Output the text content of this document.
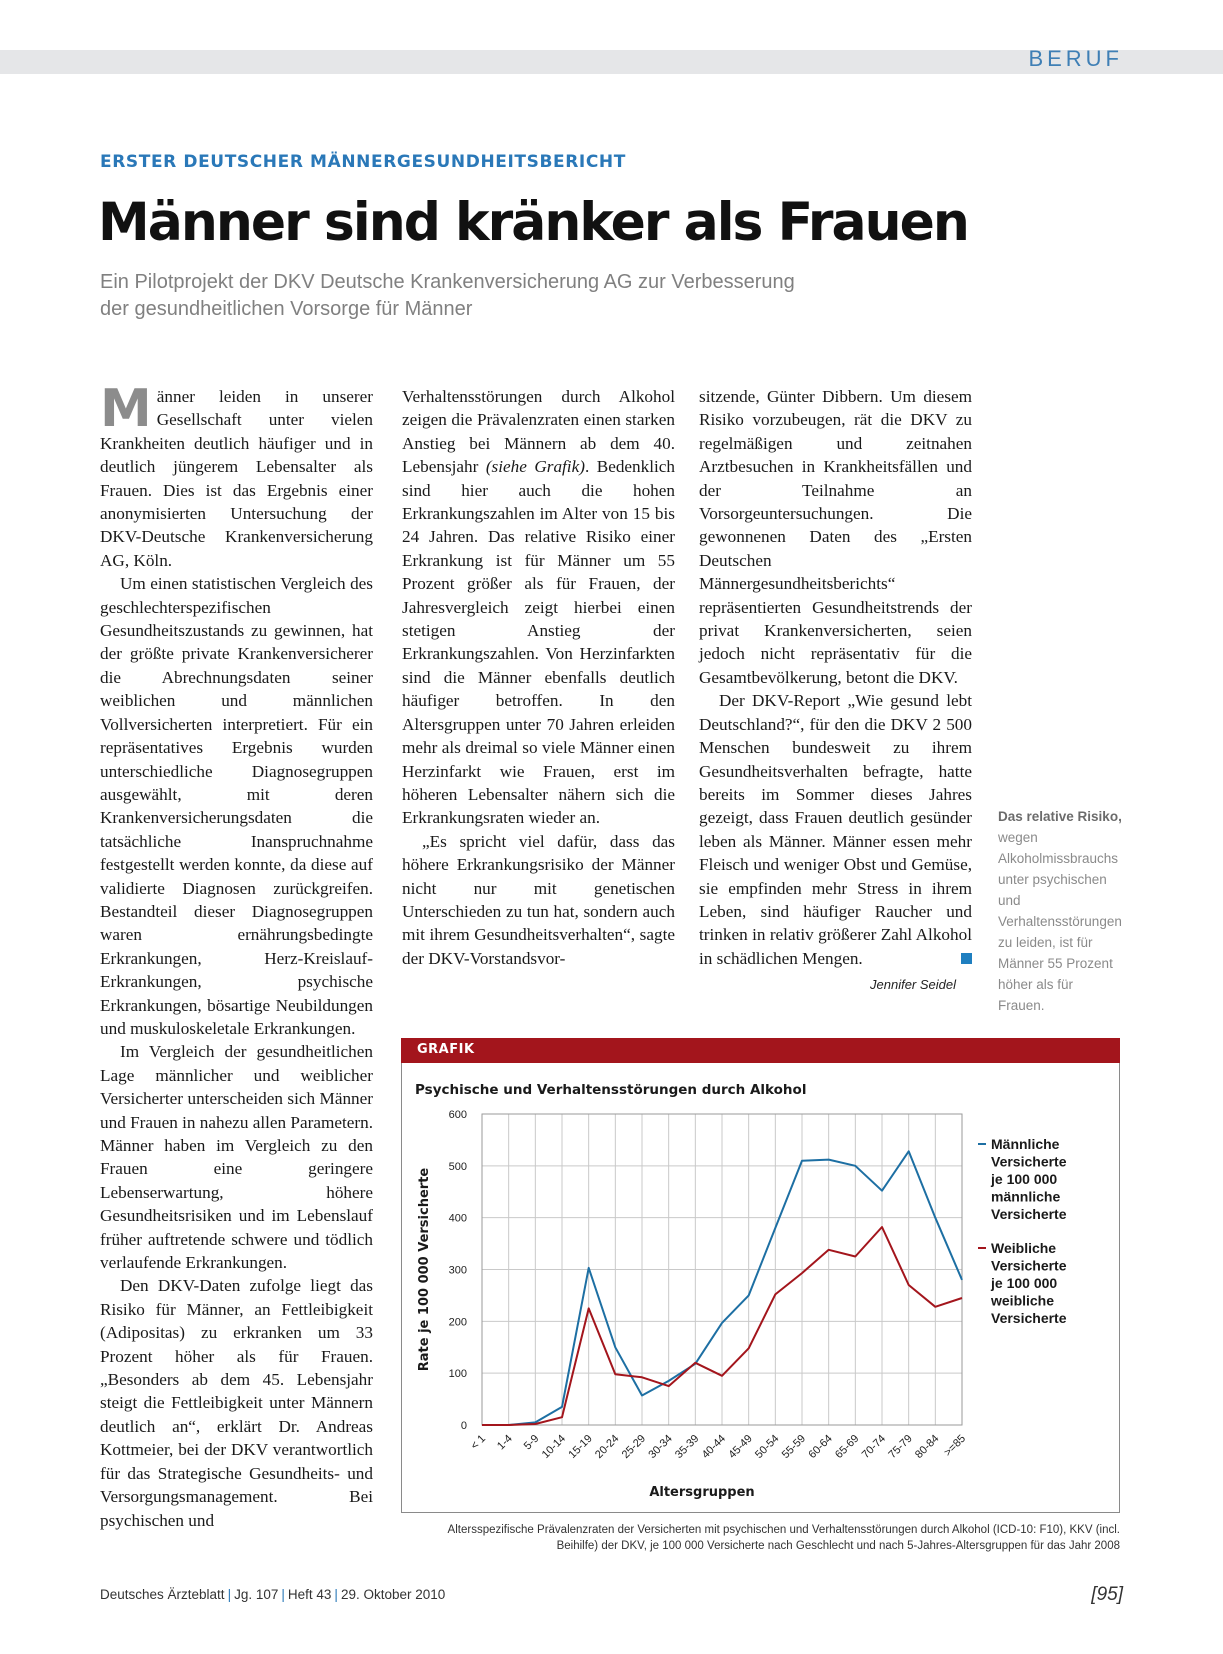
BERUF
ERSTER DEUTSCHER MÄNNERGESUNDHEITSBERICHT
Männer sind kränker als Frauen
Ein Pilotprojekt der DKV Deutsche Krankenversicherung AG zur Verbesserung
der gesundheitlichen Vorsorge für Männer

Männer leiden in unserer Gesellschaft unter vielen Krankheiten deutlich häufiger und in deutlich jüngerem Lebensalter als Frauen. Dies ist das Ergebnis einer anonymisierten Untersuchung der DKV-Deutsche Krankenversicherung AG, Köln.

Um einen statistischen Vergleich des geschlechterspezifischen Gesundheitszustands zu gewinnen, hat der größte private Krankenversicherer die Abrechnungsdaten seiner weiblichen und männlichen Vollversicherten interpretiert. Für ein repräsentatives Ergebnis wurden unterschiedliche Diagnosegruppen ausgewählt, mit deren Krankenversicherungsdaten die tatsächliche Inanspruchnahme festgestellt werden konnte, da diese auf validierte Diagnosen zurückgreifen. Bestandteil dieser Diagnosegruppen waren ernährungsbedingte Erkrankungen, Herz-Kreislauf-Erkrankungen, psychische Erkrankungen, bösartige Neubildungen und muskuloskeletale Erkrankungen.

Im Vergleich der gesundheitlichen Lage männlicher und weiblicher Versicherter unterscheiden sich Männer und Frauen in nahezu allen Parametern. Männer haben im Vergleich zu den Frauen eine geringere Lebenserwartung, höhere Gesundheitsrisiken und im Lebenslauf früher auftretende schwere und tödlich verlaufende Erkrankungen.

Den DKV-Daten zufolge liegt das Risiko für Männer, an Fettleibigkeit (Adipositas) zu erkranken um 33 Prozent höher als für Frauen. „Besonders ab dem 45. Lebensjahr steigt die Fettleibigkeit unter Männern deutlich an“, erklärt Dr. Andreas Kottmeier, bei der DKV verantwortlich für das Strategische Gesundheits- und Versorgungsmanagement. Bei psychischen und

Verhaltensstörungen durch Alkohol zeigen die Prävalenzraten einen starken Anstieg bei Männern ab dem 40. Lebensjahr (siehe Grafik). Bedenklich sind hier auch die hohen Erkrankungszahlen im Alter von 15 bis 24 Jahren. Das relative Risiko einer Erkrankung ist für Männer um 55 Prozent größer als für Frauen, der Jahresvergleich zeigt hierbei einen stetigen Anstieg der Erkrankungszahlen. Von Herzinfarkten sind die Männer ebenfalls deutlich häufiger betroffen. In den Altersgruppen unter 70 Jahren erleiden mehr als dreimal so viele Männer einen Herzinfarkt wie Frauen, erst im höheren Lebensalter nähern sich die Erkrankungsraten wieder an.

„Es spricht viel dafür, dass das höhere Erkrankungsrisiko der Männer nicht nur mit genetischen Unterschieden zu tun hat, sondern auch mit ihrem Gesundheitsverhalten“, sagte der DKV-Vorstandsvor-

sitzende, Günter Dibbern. Um diesem Risiko vorzubeugen, rät die DKV zu regelmäßigen und zeitnahen Arztbesuchen in Krankheitsfällen und der Teilnahme an Vorsorgeuntersuchungen. Die gewonnenen Daten des „Ersten Deutschen Männergesundheitsberichts“ repräsentierten Gesundheitstrends der privat Krankenversicherten, seien jedoch nicht repräsentativ für die Gesamtbevölkerung, betont die DKV.

Der DKV-Report „Wie gesund lebt Deutschland?“, für den die DKV 2 500 Menschen bundesweit zu ihrem Gesundheitsverhalten befragte, hatte bereits im Sommer dieses Jahres gezeigt, dass Frauen deutlich gesünder leben als Männer. Männer essen mehr Fleisch und weniger Obst und Gemüse, sie empfinden mehr Stress in ihrem Leben, sind häufiger Raucher und trinken in relativ größerer Zahl Alkohol in schädlichen Mengen.

Jennifer Seidel
Das relative Risiko, wegen Alkoholmissbrauchs unter psychischen und Verhaltensstörungen zu leiden, ist für Männer 55 Prozent höher als für Frauen.
GRAFIK
Psychische und Verhaltensstörungen durch Alkohol
0
100
200
300
400
500
600
< 1 1-4 5-9
10-14
15-19
20-24
25-29
30-34
35-39
40-44
45-49
50-54
55-59
60-64
65-69
70-74
75-79
80-84 >=85
Rate je 100 000 Versicherte
Altersgruppen
Männliche
Versicherte
je 100 000
männliche
Versicherte
Weibliche
Versicherte
je 100 000
weibliche
Versicherte
Altersspezifische Prävalenzraten der Versicherten mit psychischen und Verhaltensstörungen durch Alkohol (ICD-10: F10), KKV (incl.
Beihilfe) der DKV, je 100 000 Versicherte nach Geschlecht und nach 5-Jahres-Altersgruppen für das Jahr 2008
Deutsches Ärzteblatt | Jg. 107 | Heft 43 | 29. Oktober 2010	[95]
